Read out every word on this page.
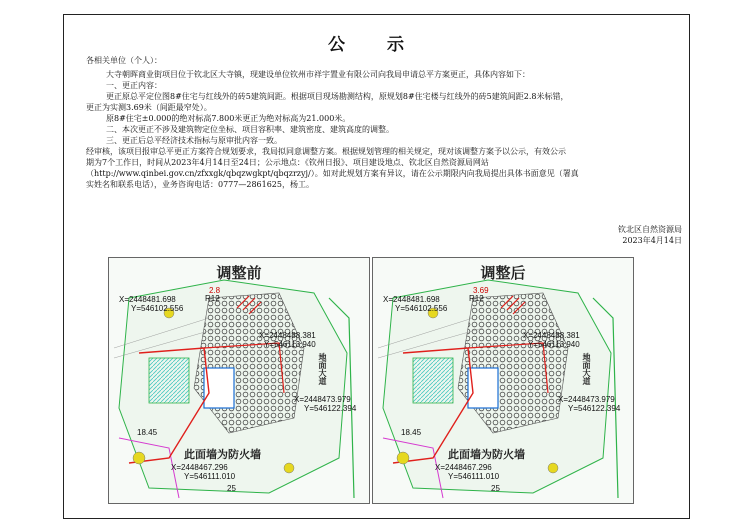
公 示
各相关单位（个人）：
大寺朝晖商业街项目位于钦北区大寺镇，现建设单位钦州市祥宇置业有限公司向我局申请总平方案更正，具体内容如下：
一、更正内容：
更正原总平定位图8#住宅与红线外的砖5建筑间距。根据项目现场勘测结构，原规划8#住宅楼与红线外的砖5建筑间距2.8米标错，
更正为实测3.69米（间距最窄处）。
原8#住宅±0.000的绝对标高7.800米更正为绝对标高为21.000米。
二、本次更正不涉及建筑物定位坐标、项目容积率、建筑密度、建筑高度的调整。
三、更正后总平经济技术指标与原审批内容一致。
经审核，该项目报审总平更正方案符合规划要求，我局拟同意调整方案。根据规划管理的相关规定，现对该调整方案予以公示，有效公示
期为7个工作日，时间从2023年4月14日至24日；公示地点：《钦州日报》、项目建设地点、钦北区自然资源局网站
（http://www.qinbei.gov.cn/zfxxgk/qbqzwgkpt/qbqzrzyj/）。如对此规划方案有异议，请在公示期限内向我局提出具体书面意见（署真
实姓名和联系电话），业务咨询电话：0777—2861625，杨工。
钦北区自然资源局
2023年4月14日
调整前
X=2448481.698
Y=546102.556
X=2448488.381
Y=546113.940
X=2448473.979
Y=546122.394
X=2448467.296
Y=546111.010
此面墙为防火墙
地面大道
2.8
R12
18.45
25
调整后
X=2448481.698
Y=546102.556
X=2448488.381
Y=546113.940
X=2448473.979
Y=546122.394
X=2448467.296
Y=546111.010
此面墙为防火墙
地面大道
3.69
R12
18.45
25
